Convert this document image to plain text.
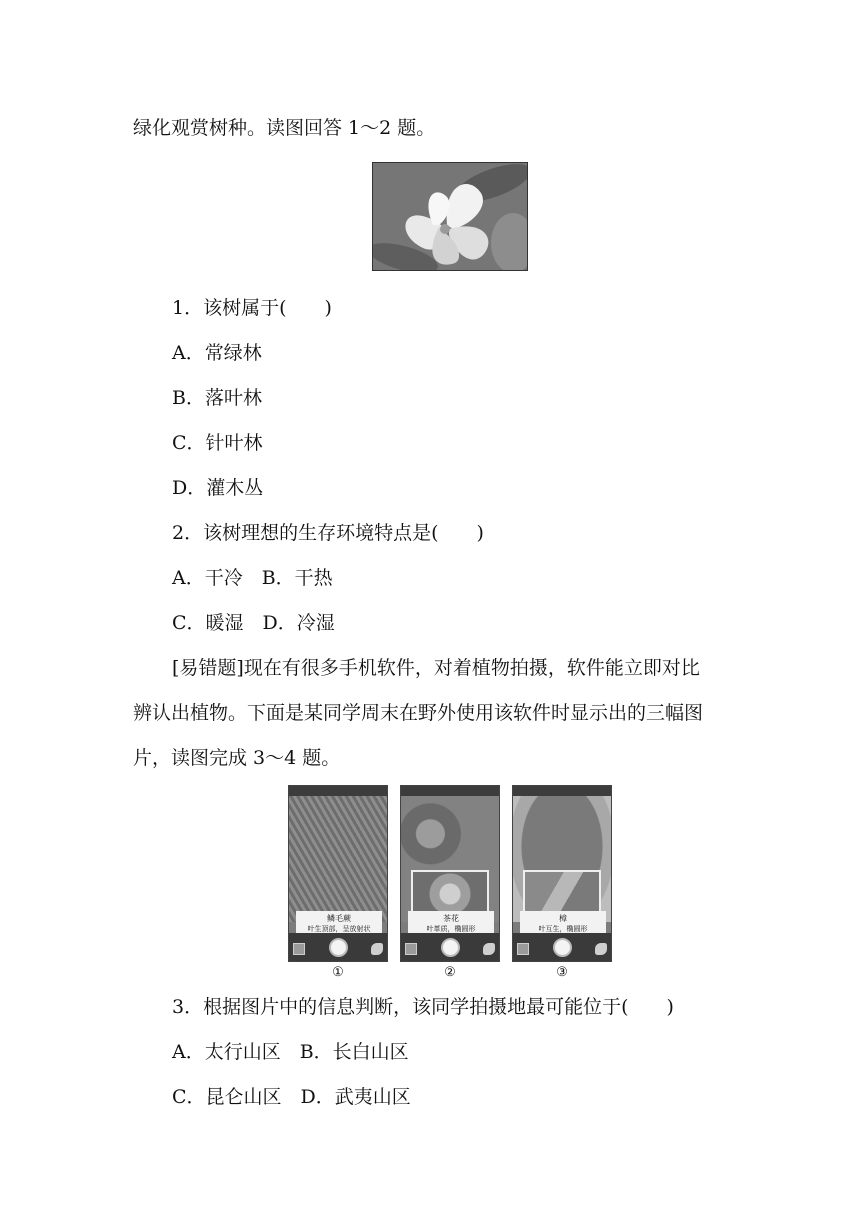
绿化观赏树种。读图回答 1～2 题。
1．该树属于(　　)
A．常绿林
B．落叶林
C．针叶林
D．灌木丛
2．该树理想的生存环境特点是(　　)
A．干冷　B．干热
C．暖湿　D．冷湿
[易错题]现在有很多手机软件，对着植物拍摄，软件能立即对比
辨认出植物。下面是某同学周末在野外使用该软件时显示出的三幅图
片，读图完成 3～4 题。
鳞毛蕨
叶生顶部，呈放射状
①
茶花
叶革质，椭圆形
②
樟
叶互生，椭圆形
③
3．根据图片中的信息判断，该同学拍摄地最可能位于(　　)
A．太行山区　B．长白山区
C．昆仑山区　D．武夷山区
